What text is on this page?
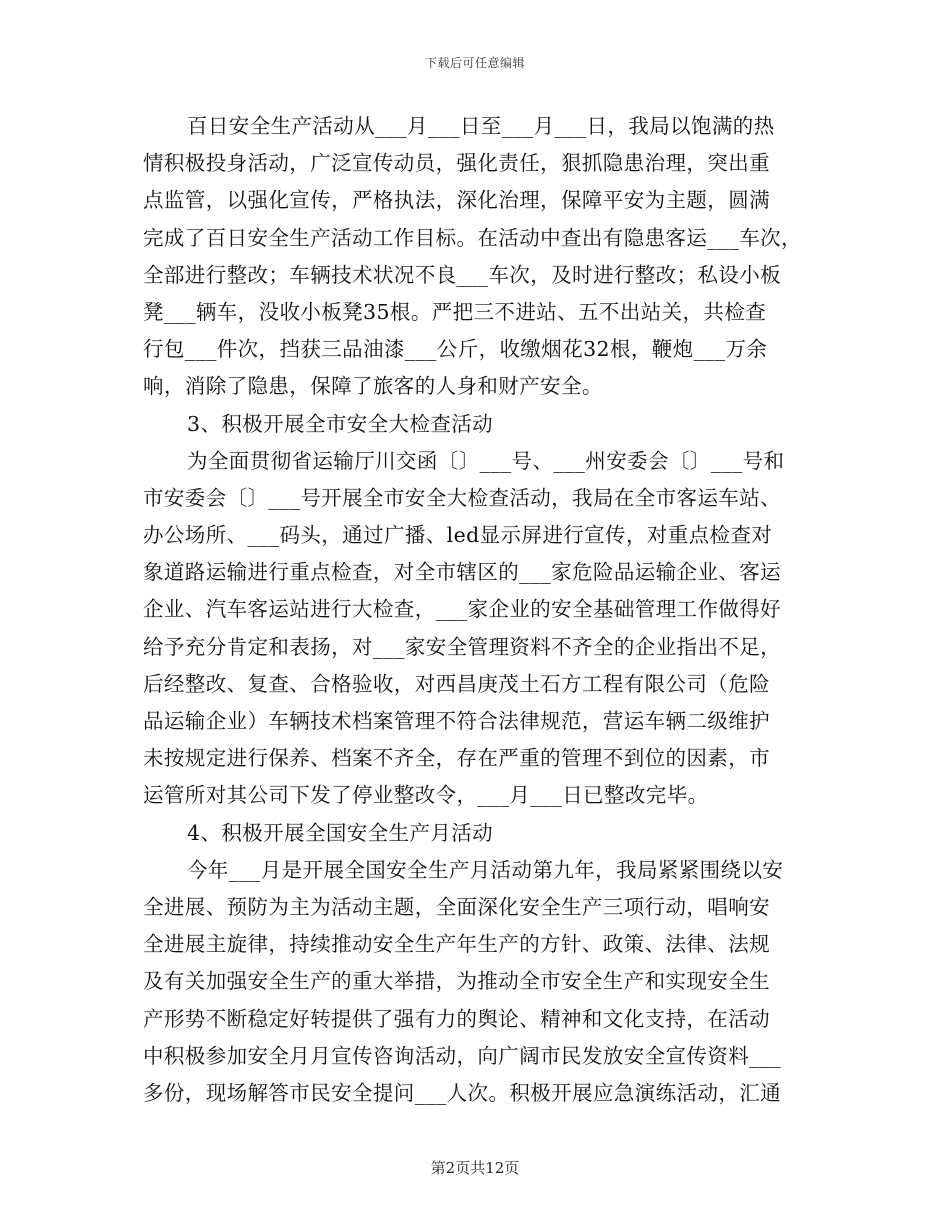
下载后可任意编辑
百日安全生产活动从___月___日至___月___日，我局以饱满的热
情积极投身活动，广泛宣传动员，强化责任，狠抓隐患治理，突出重
点监管，以强化宣传，严格执法，深化治理，保障平安为主题，圆满
完成了百日安全生产活动工作目标。在活动中查出有隐患客运___车次，
全部进行整改；车辆技术状况不良___车次，及时进行整改；私设小板
凳___辆车，没收小板凳35根。严把三不进站、五不出站关，共检查
行包___件次，挡获三品油漆___公斤，收缴烟花32根，鞭炮___万余
响，消除了隐患，保障了旅客的人身和财产安全。
3、积极开展全市安全大检查活动
为全面贯彻省运输厅川交函〔〕___号、___州安委会〔〕___号和
市安委会〔〕___号开展全市安全大检查活动，我局在全市客运车站、
办公场所、___码头，通过广播、led显示屏进行宣传，对重点检查对
象道路运输进行重点检查，对全市辖区的___家危险品运输企业、客运
企业、汽车客运站进行大检查，___家企业的安全基础管理工作做得好
给予充分肯定和表扬，对___家安全管理资料不齐全的企业指出不足，
后经整改、复查、合格验收，对西昌庚茂土石方工程有限公司（危险
品运输企业）车辆技术档案管理不符合法律规范，营运车辆二级维护
未按规定进行保养、档案不齐全，存在严重的管理不到位的因素，市
运管所对其公司下发了停业整改令，___月___日已整改完毕。
4、积极开展全国安全生产月活动
今年___月是开展全国安全生产月活动第九年，我局紧紧围绕以安
全进展、预防为主为活动主题，全面深化安全生产三项行动，唱响安
全进展主旋律，持续推动安全生产年生产的方针、政策、法律、法规
及有关加强安全生产的重大举措，为推动全市安全生产和实现安全生
产形势不断稳定好转提供了强有力的舆论、精神和文化支持，在活动
中积极参加安全月月宣传咨询活动，向广阔市民发放安全宣传资料___
多份，现场解答市民安全提问___人次。积极开展应急演练活动，汇通
第2页共12页
